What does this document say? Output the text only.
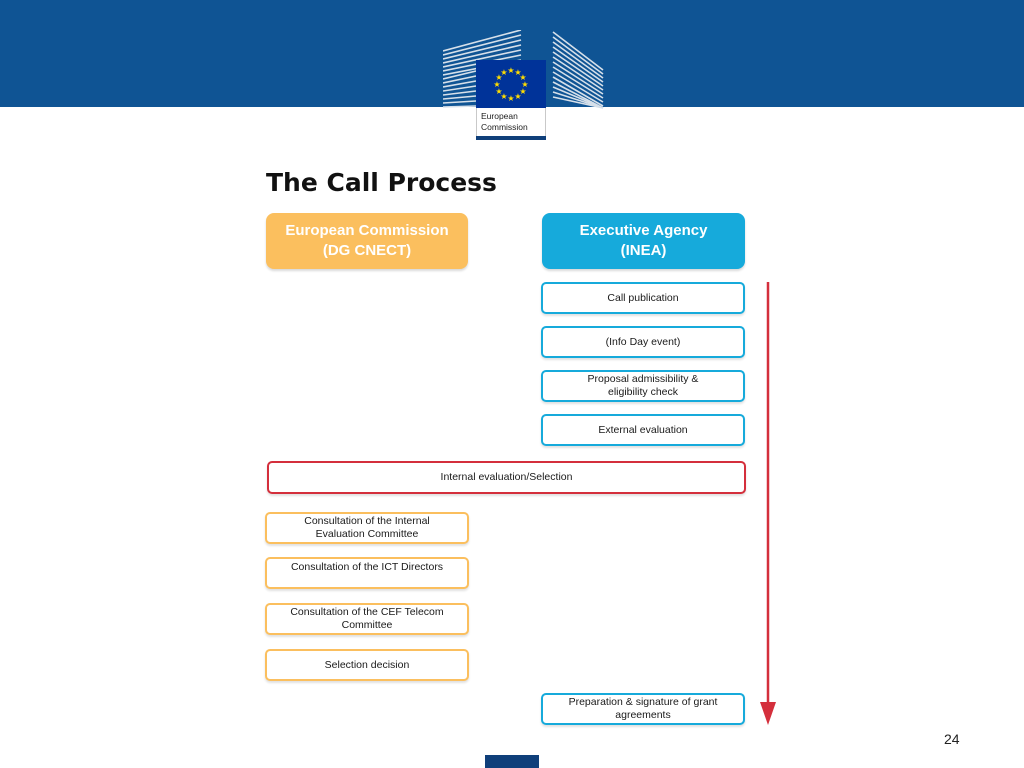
★ ★
★
★
★
★
★
★
★
★
★
★
European
Commission
The Call Process
European Commission
(DG CNECT)
Executive Agency
(INEA)
Call publication
(Info Day event)
Proposal admissibility & eligibility check
External evaluation
Internal evaluation/Selection
Consultation of the Internal Evaluation Committee
Consultation of the ICT Directors
Consultation of the CEF Telecom Committee
Selection decision
Preparation & signature of grant agreements
24
